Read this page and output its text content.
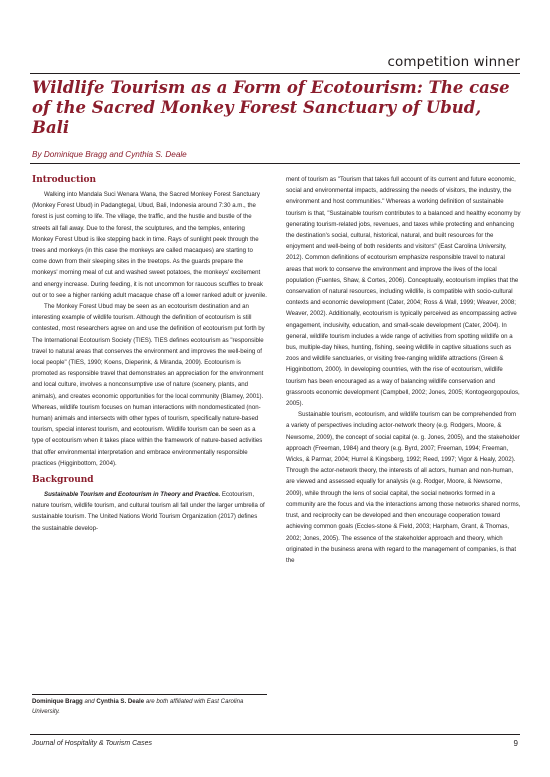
competition winner
Wildlife Tourism as a Form of Ecotourism: The case of the Sacred Monkey Forest Sanctuary of Ubud, Bali

By Dominique Bragg and Cynthia S. Deale

Introduction

Walking into Mandala Suci Wenara Wana, the Sacred Monkey Forest Sanctuary (Monkey Forest Ubud) in Padangtegal, Ubud, Bali, Indonesia around 7:30 a.m., the forest is just coming to life. The village, the traffic, and the hustle and bustle of the streets all fall away. Due to the forest, the sculptures, and the temples, entering Monkey Forest Ubud is like stepping back in time. Rays of sunlight peek through the trees and monkeys (in this case the monkeys are called macaques) are starting to come down from their sleeping sites in the treetops. As the guards prepare the monkeys' morning meal of cut and washed sweet potatoes, the monkeys' excitement and energy increase. During feeding, it is not uncommon for raucous scuffles to break out or to see a higher ranking adult macaque chase off a lower ranked adult or juvenile.

The Monkey Forest Ubud may be seen as an ecotourism destination and an interesting example of wildlife tourism. Although the definition of ecotourism is still contested, most researchers agree on and use the definition of ecotourism put forth by The International Ecotourism Society (TIES). TIES defines ecotourism as "responsible travel to natural areas that conserves the environment and improves the well-being of local people" (TIES, 1990; Koens, Dieperink, & Miranda, 2009). Ecotourism is promoted as responsible travel that demonstrates an appreciation for the environment and local culture, involves a nonconsumptive use of nature (scenery, plants, and animals), and creates economic opportunities for the local community (Blamey, 2001). Whereas, wildlife tourism focuses on human interactions with nondomesticated (non-human) animals and intersects with other types of tourism, specifically nature-based tourism, special interest tourism, and ecotourism. Wildlife tourism can be seen as a type of ecotourism when it takes place within the framework of nature-based activities that offer environmental interpretation and embrace environmentally responsible practices (Higginbottom, 2004).

Background

Sustainable Tourism and Ecotourism in Theory and Practice. Ecotourism, nature tourism, wildlife tourism, and cultural tourism all fall under the larger umbrella of sustainable tourism. The United Nations World Tourism Organization (2017) defines the sustainable develop-

Dominique Bragg and Cynthia S. Deale are both affiliated with East Carolina University.

ment of tourism as "Tourism that takes full account of its current and future economic, social and environmental impacts, addressing the needs of visitors, the industry, the environment and host communities." Whereas a working definition of sustainable tourism is that, "Sustainable tourism contributes to a balanced and healthy economy by generating tourism-related jobs, revenues, and taxes while protecting and enhancing the destination's social, cultural, historical, natural, and built resources for the enjoyment and well-being of both residents and visitors" (East Carolina University, 2012). Common definitions of ecotourism emphasize responsible travel to natural areas that work to conserve the environment and improve the lives of the local population (Fuentes, Shaw, & Cortes, 2006). Conceptually, ecotourism implies that the conservation of natural resources, including wildlife, is compatible with socio-cultural contexts and economic development (Cater, 2004; Ross & Wall, 1999; Weaver, 2008; Weaver, 2002). Additionally, ecotourism is typically perceived as encompassing active engagement, inclusivity, education, and small-scale development (Cater, 2004). In general, wildlife tourism includes a wide range of activities from spotting wildlife on a bus, multiple-day hikes, hunting, fishing, seeing wildlife in captive situations such as zoos and wildlife sanctuaries, or visiting free-ranging wildlife attractions (Green & Higginbottom, 2000). In developing countries, with the rise of ecotourism, wildlife tourism has been encouraged as a way of balancing wildlife conservation and grassroots economic development (Campbell, 2002; Jones, 2005; Kontogeorgopoulos, 2005).

Sustainable tourism, ecotourism, and wildlife tourism can be comprehended from a variety of perspectives including actor-network theory (e.g. Rodgers, Moore, & Newsome, 2009), the concept of social capital (e. g. Jones, 2005), and the stakeholder approach (Freeman, 1984) and theory (e.g. Byrd, 2007; Freeman, 1994; Freeman, Wicks, & Parmar, 2004; Hurrel & Kingsberg, 1992; Reed, 1997; Vigor & Healy, 2002). Through the actor-network theory, the interests of all actors, human and non-human, are viewed and assessed equally for analysis (e.g. Rodger, Moore, & Newsome, 2009), while through the lens of social capital, the social networks formed in a community are the focus and via the interactions among those networks shared norms, trust, and reciprocity can be developed and then encourage cooperation toward achieving common goals (Eccles-stone & Field, 2003; Harpham, Grant, & Thomas, 2002; Jones, 2005). The essence of the stakeholder approach and theory, which originated in the business arena with regard to the management of companies, is that the

Journal of Hospitality & Tourism Cases	9
